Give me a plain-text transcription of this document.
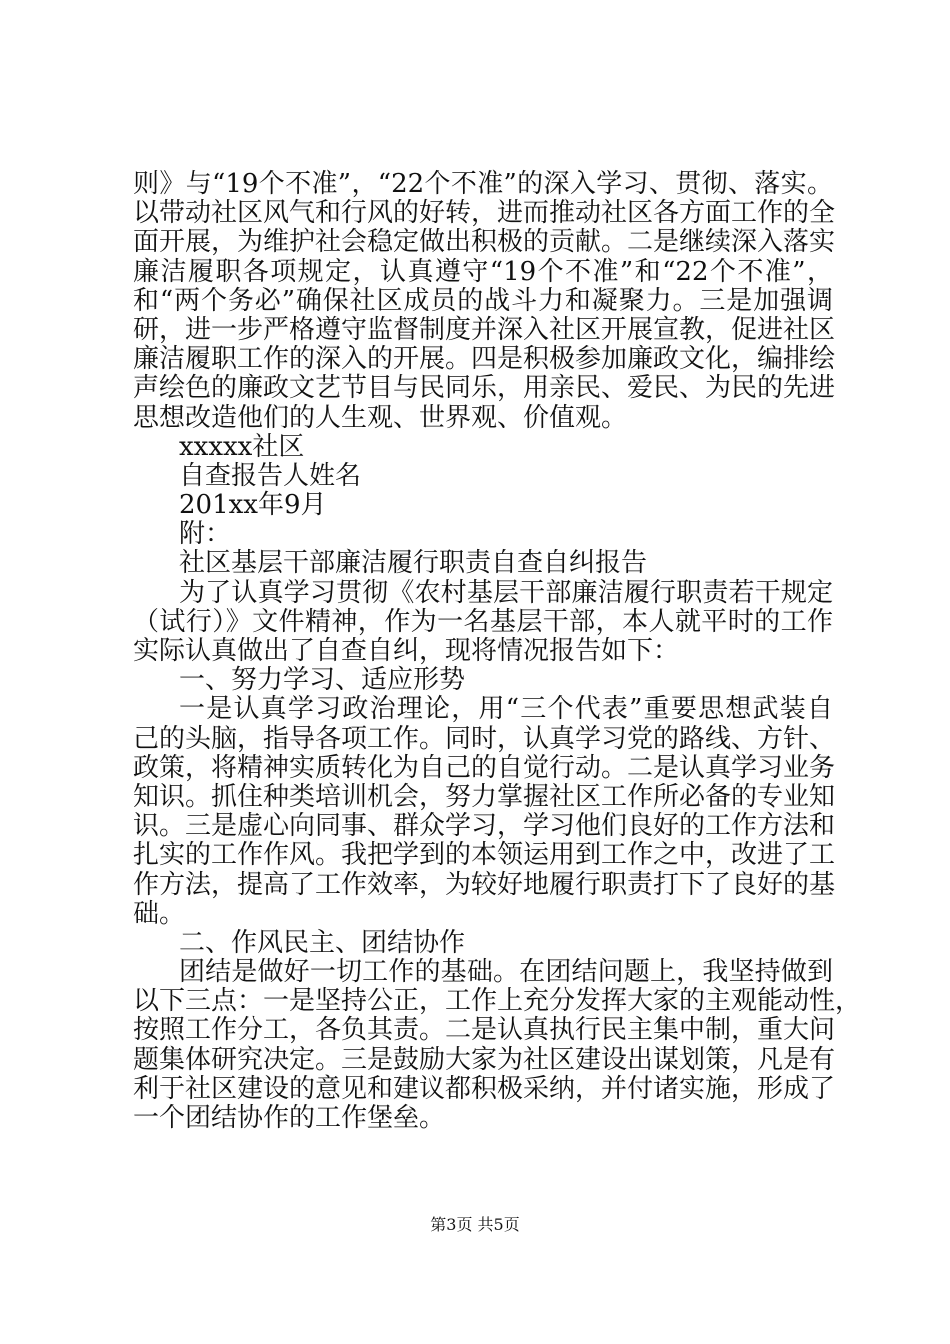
则》与“19个不准”，“22个不准”的深入学习、贯彻、落实。
以带动社区风气和行风的好转，进而推动社区各方面工作的全
面开展，为维护社会稳定做出积极的贡献。二是继续深入落实
廉洁履职各项规定，认真遵守“19个不准”和“22个不准”，
和“两个务必”确保社区成员的战斗力和凝聚力。三是加强调
研，进一步严格遵守监督制度并深入社区开展宣教，促进社区
廉洁履职工作的深入的开展。四是积极参加廉政文化，编排绘
声绘色的廉政文艺节目与民同乐，用亲民、爱民、为民的先进
思想改造他们的人生观、世界观、价值观。
xxxxx社区
自查报告人姓名
201xx年9月
附：
社区基层干部廉洁履行职责自查自纠报告
为了认真学习贯彻《农村基层干部廉洁履行职责若干规定
（试行）》文件精神，作为一名基层干部，本人就平时的工作
实际认真做出了自查自纠，现将情况报告如下：
一、努力学习、适应形势
一是认真学习政治理论，用“三个代表”重要思想武装自
己的头脑，指导各项工作。同时，认真学习党的路线、方针、
政策，将精神实质转化为自己的自觉行动。二是认真学习业务
知识。抓住种类培训机会，努力掌握社区工作所必备的专业知
识。三是虚心向同事、群众学习，学习他们良好的工作方法和
扎实的工作作风。我把学到的本领运用到工作之中，改进了工
作方法，提高了工作效率，为较好地履行职责打下了良好的基
础。
二、作风民主、团结协作
团结是做好一切工作的基础。在团结问题上，我坚持做到
以下三点：一是坚持公正，工作上充分发挥大家的主观能动性，
按照工作分工，各负其责。二是认真执行民主集中制，重大问
题集体研究决定。三是鼓励大家为社区建设出谋划策，凡是有
利于社区建设的意见和建议都积极采纳，并付诸实施，形成了
一个团结协作的工作堡垒。
第3页 共5页
